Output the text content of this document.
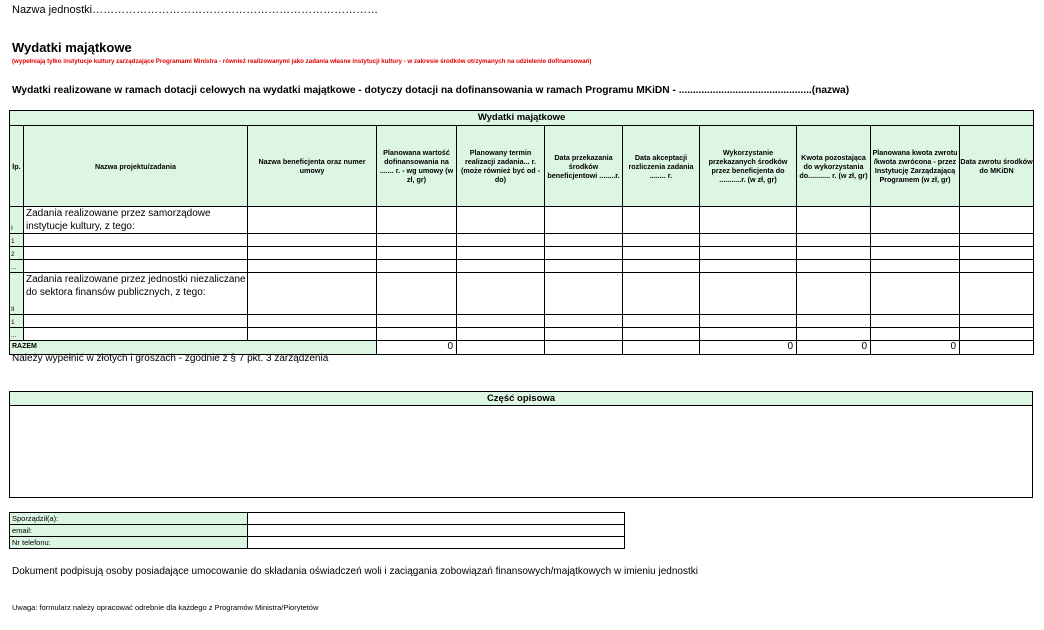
Nazwa jednostki……………………………………………………………………
Wydatki majątkowe
(wypełniają tylko instytucje kultury zarządzające Programami Ministra - również realizowanymi jako zadania własne instytucji kultury - w zakresie środków otrzymanych na udzielenie dofinansowań)
Wydatki realizowane w ramach dotacji celowych na wydatki majątkowe - dotyczy dotacji na dofinansowania w ramach Programu MKiDN - ...............................................(nazwa)
Wydatki majątkowe										
lp.	Nazwa projektu/zadania	Nazwa beneficjenta oraz numer umowy	Planowana wartość dofinansowania na ....... r. - wg umowy (w zł, gr)	Planowany termin realizacji zadania... r. (może również być od - do)	Data przekazania środków beneficjentowi ........r.	Data akceptacji rozliczenia zadania ........ r.	Wykorzystanie przekazanych środków przez beneficjenta do ...........r. (w zł, gr)	Kwota pozostająca do wykorzystania do........... r. (w zł, gr)	Planowana kwota zwrotu /kwota zwrócona - przez Instytucję Zarządzającą Programem (w zł, gr)	Data zwrotu środków do MKiDN
I	Zadania realizowane przez samorządowe instytucje kultury, z tego:									
1										
2										
...										
II	Zadania realizowane przez jednostki niezaliczane do sektora finansów publicznych, z tego:									
1										
...										
RAZEM			0				0	0	0	
Należy wypełnić w złotych i groszach - zgodnie z § 7 pkt. 3 zarządzenia
Część opisowa

Sporządził(a):	
email:	
Nr telefonu:	
Dokument podpisują osoby posiadające umocowanie do składania oświadczeń woli i zaciągania zobowiązań finansowych/majątkowych w imieniu jednostki
Uwaga: formularz należy opracować odrebnie dla każdego z Programów Ministra/Piorytetów
